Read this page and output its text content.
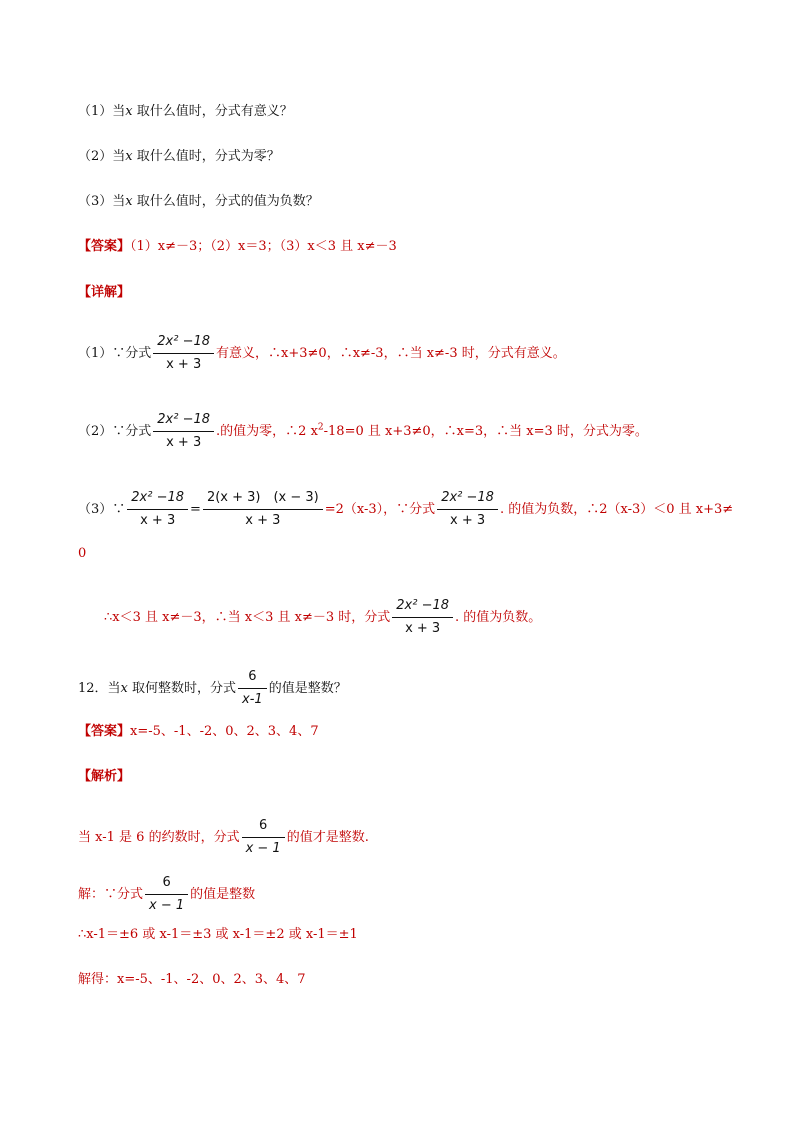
（1）当x 取什么值时，分式有意义？
（2）当x 取什么值时，分式为零？
（3）当x 取什么值时，分式的值为负数？
【答案】（1）x≠－3；（2）x＝3；（3）x＜3 且 x≠－3
【详解】
（1）∵分式 $\frac{\text{2x² −18}}{x + 3}$ 有意义，∴x+3≠0，∴x≠-3，∴当 x≠-3 时，分式有意义。
（2）∵分式 $\frac{\text{2x² −18}}{x + 3}$ .的值为零，∴2 $x^2-18=0$ 且 x+3≠0，∴x=3，∴当 x=3 时，分式为零。
（3）∵ $\frac{\text{2x² −18}}{x + 3} = \frac{2(x + 3) (x - 3)}{x + 3} =2(x-3)$，∵分式 $\frac{\text{2x² −18}}{x + 3}$ . 的值为负数，∴2（x-3）＜0 且 x+3≠
0
∴x＜3 且 x≠－3，∴当 x＜3 且 x≠－3 时，分式 $\frac{\text{2x² −18}}{x + 3}$ . 的值为负数。
12．当x 取何整数时，分式 $\frac{6}{x-1}$ 的值是整数？
【答案】x=-5、-1、-2、0、2、3、4、7
【解析】
当 x-1 是 6 的约数时，分式 $\frac{6}{x - 1}$ 的值才是整数.
解：∵分式 $\frac{6}{x - 1}$ 的值是整数
∴x-1＝±6 或 x-1＝±3 或 x-1＝±2 或 x-1＝±1
解得：x=-5、-1、-2、0、2、3、4、7
